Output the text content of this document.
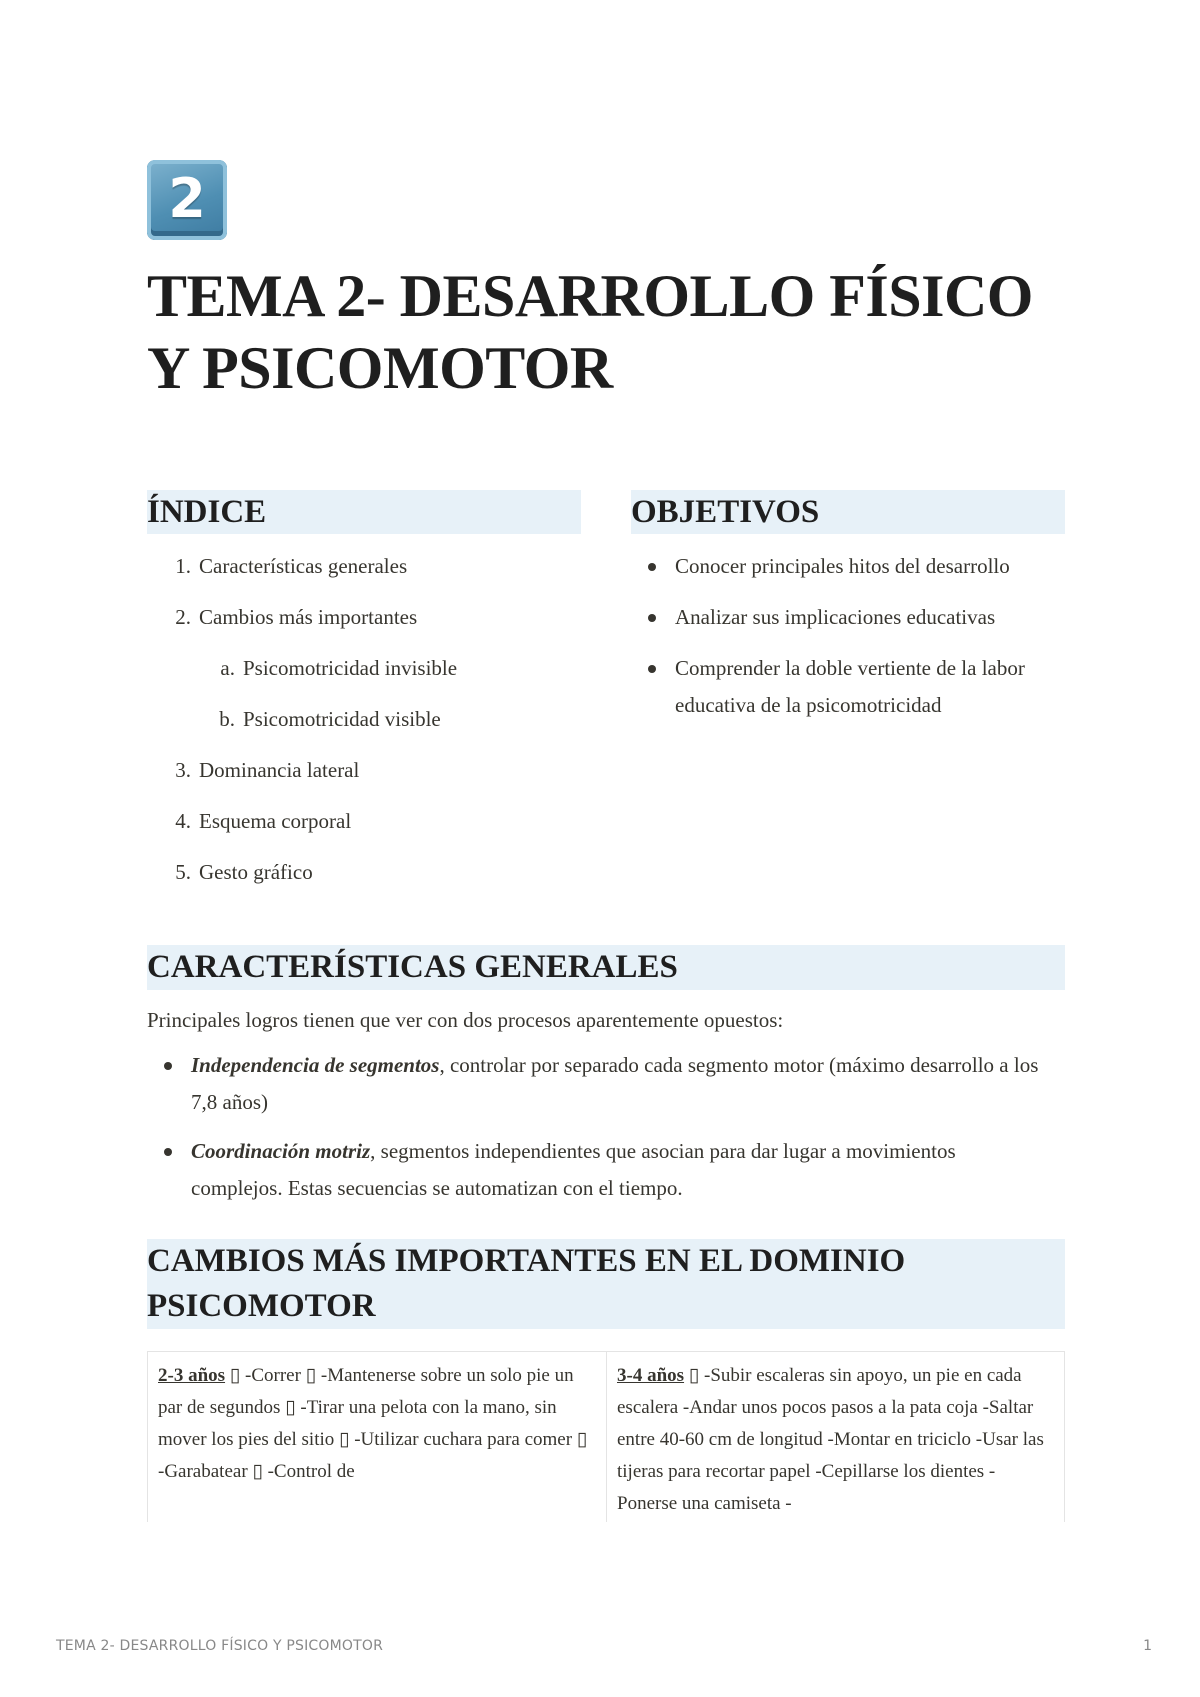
2
TEMA 2- DESARROLLO FÍSICO Y PSICOMOTOR
ÍNDICE
1. Características generales
2. Cambios más importantes
a. Psicomotricidad invisible
b. Psicomotricidad visible
3. Dominancia lateral
4. Esquema corporal
5. Gesto gráfico
OBJETIVOS
Conocer principales hitos del desarrollo
Analizar sus implicaciones educativas
Comprender la doble vertiente de la labor educativa de la psicomotricidad
CARACTERÍSTICAS GENERALES
Principales logros tienen que ver con dos procesos aparentemente opuestos:
Independencia de segmentos, controlar por separado cada segmento motor (máximo desarrollo a los 7,8 años)
Coordinación motriz, segmentos independientes que asocian para dar lugar a movimientos
complejos. Estas secuencias se automatizan con el tiempo.
CAMBIOS MÁS IMPORTANTES EN EL DOMINIO PSICOMOTOR
2-3 años ▯ -Correr ▯ -Mantenerse sobre un solo pie un par de segundos ▯ -Tirar una pelota con la mano, sin mover los pies del sitio ▯ -Utilizar cuchara para comer ▯ -Garabatear ▯ -Control de
3-4 años ▯ -Subir escaleras sin apoyo, un pie en cada escalera -Andar unos pocos pasos a la pata coja -Saltar entre 40-60 cm de longitud -Montar en triciclo -Usar las tijeras para recortar papel -Cepillarse los dientes -Ponerse una camiseta -
TEMA 2- DESARROLLO FÍSICO Y PSICOMOTOR	1
